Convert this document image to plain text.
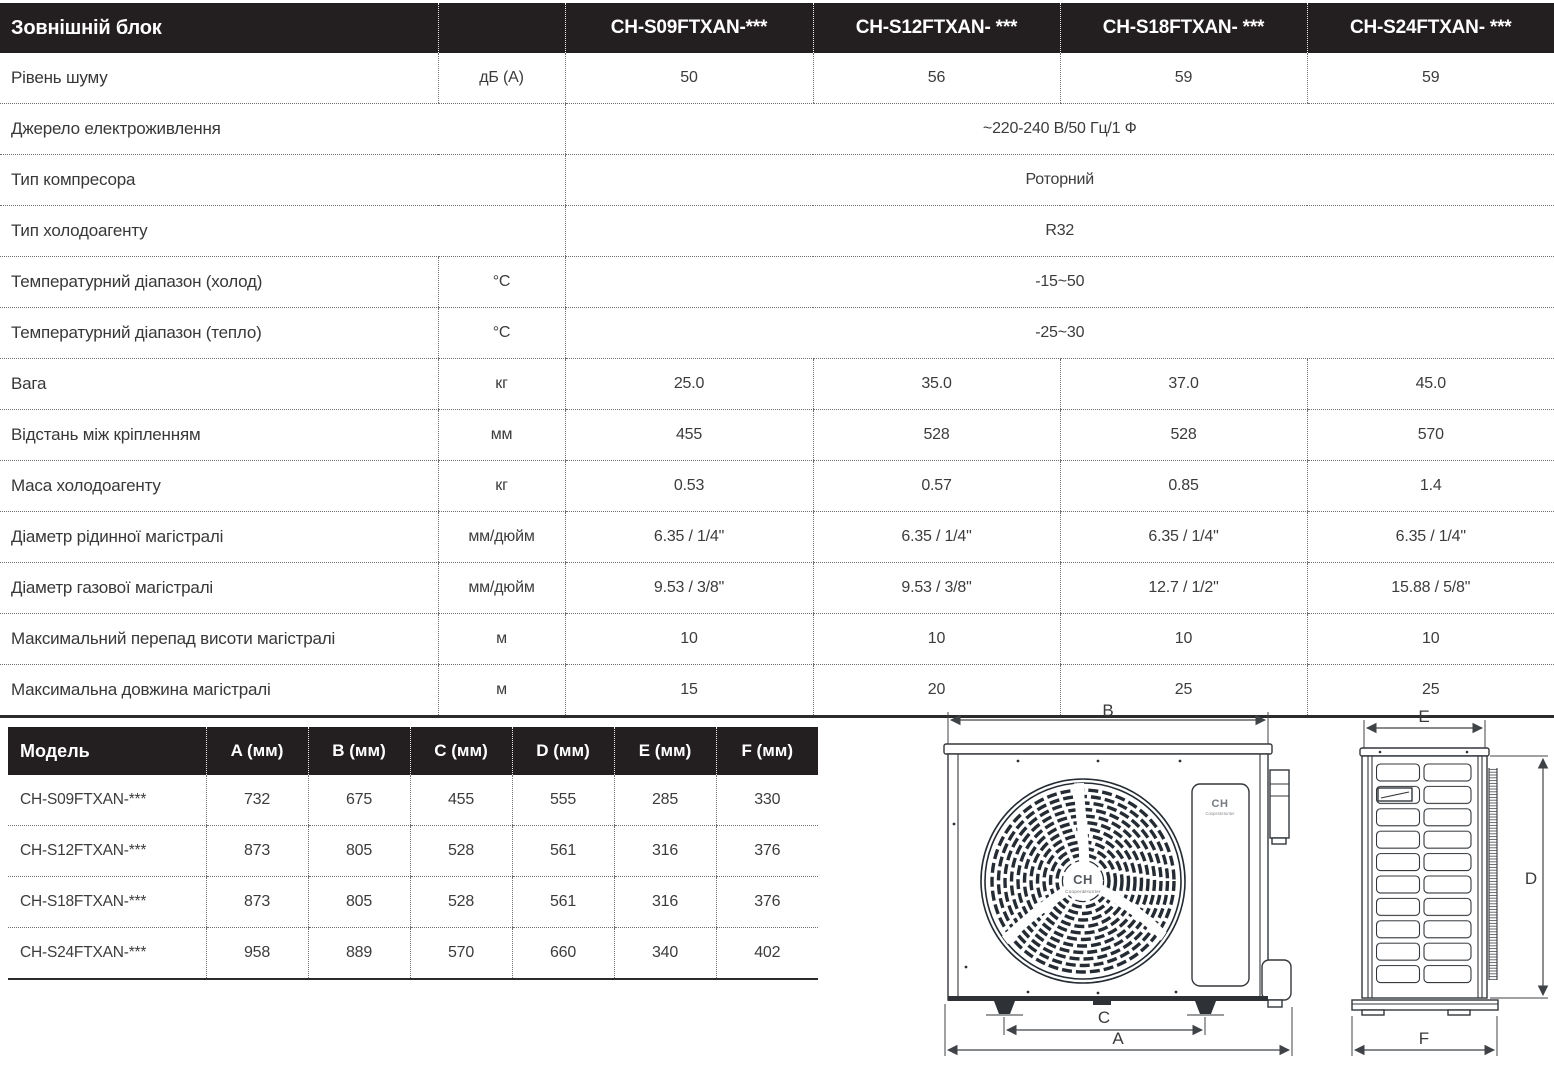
Зовнішній блок		CH-S09FTXAN-***	CH-S12FTXAN- ***	CH-S18FTXAN- ***	CH-S24FTXAN- ***
Рівень шуму	дБ (А)	50	56	59	59
Джерело електроживлення		~220-240 В/50 Гц/1 Ф			
Тип компресора		Роторний			
Тип холодоагенту		R32			
Температурний діапазон (холод)	°С	-15~50			
Температурний діапазон (тепло)	°С	-25~30			
Вага	кг	25.0	35.0	37.0	45.0
Відстань між кріпленням	мм	455	528	528	570
Маса холодоагенту	кг	0.53	0.57	0.85	1.4
Діаметр рідинної магістралі	мм/дюйм	6.35 / 1/4"	6.35 / 1/4"	6.35 / 1/4"	6.35 / 1/4"
Діаметр газової магістралі	мм/дюйм	9.53 / 3/8"	9.53 / 3/8"	12.7 / 1/2"	15.88 / 5/8"
Максимальний перепад висоти магістралі	м	10	10	10	10
Максимальна довжина магістралі	м	15	20	25	25
Модель	A (мм)	B (мм)	C (мм)	D (мм)	E (мм)	F (мм)
CH-S09FTXAN-***	732	675	455	555	285	330
CH-S12FTXAN-***	873	805	528	561	316	376
CH-S18FTXAN-***	873	805	528	561	316	376
CH-S24FTXAN-***	958	889	570	660	340	402
B
CH
Cooper&Hunter
CH
Cooper&Hunter
C
A
E
D
F
